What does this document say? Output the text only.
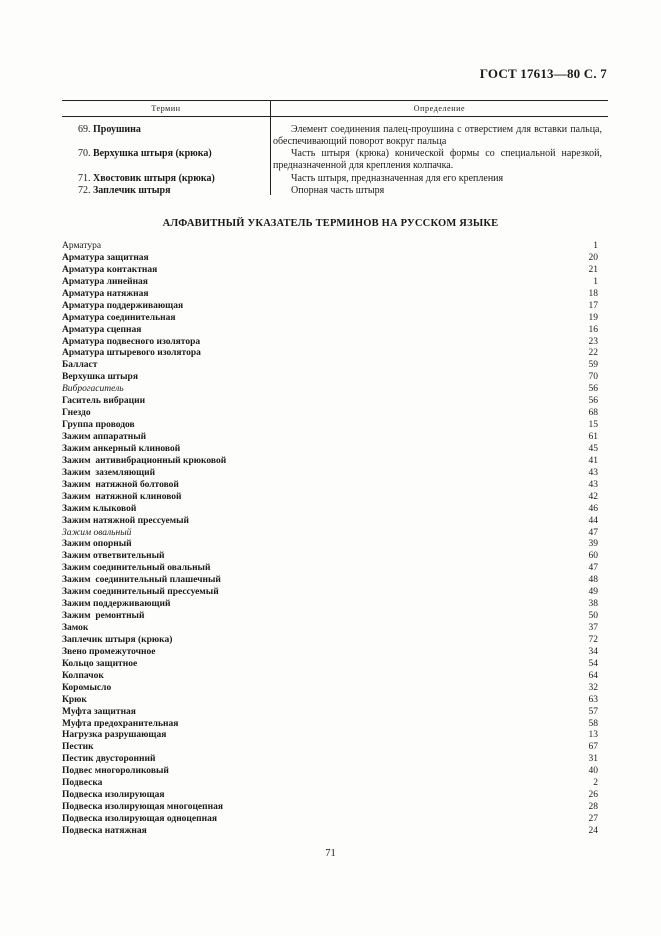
ГОСТ 17613—80 С. 7
Термин	Определение
69. Проушина	Элемент соединения палец-проушина с отверстием для вставки пальца, обеспечивающий поворот вокруг пальца
70. Верхушка штыря (крюка)	Часть штыря (крюка) конической формы со специальной нарезкой, предназначенной для крепления колпачка.
71. Хвостовик штыря (крюка)	Часть штыря, предназначенная для его крепления
72. Заплечик штыря	Опорная часть штыря
АЛФАВИТНЫЙ УКАЗАТЕЛЬ ТЕРМИНОВ НА РУССКОМ ЯЗЫКЕ
Арматура	1
Арматура защитная	20
Арматура контактная	21
Арматура линейная	1
Арматура натяжная	18
Арматура поддерживающая	17
Арматура соединительная	19
Арматура сцепная	16
Арматура подвесного изолятора	23
Арматура штыревого изолятора	22
Балласт	59
Верхушка штыря	70
Виброгаситель	56
Гаситель вибрации	56
Гнездо	68
Группа проводов	15
Зажим аппаратный	61
Зажим анкерный клиновой	45
Зажим  антивибрационный крюковой	41
Зажим  заземляющий	43
Зажим  натяжной болтовой	43
Зажим  натяжной клиновой	42
Зажим клыковой	46
Зажим натяжной прессуемый	44
Зажим овальный	47
Зажим опорный	39
Зажим ответвительный	60
Зажим соединительный овальный	47
Зажим  соединительный плашечный	48
Зажим соединительный прессуемый	49
Зажим поддерживающий	38
Зажим  ремонтный	50
Замок	37
Заплечик штыря (крюка)	72
Звено промежуточное	34
Кольцо защитное	54
Колпачок	64
Коромысло	32
Крюк	63
Муфта защитная	57
Муфта предохранительная	58
Нагрузка разрушающая	13
Пестик	67
Пестик двусторонний	31
Подвес многороликовый	40
Подвеска	2
Подвеска изолирующая	26
Подвеска изолирующая многоцепная	28
Подвеска изолирующая одноцепная	27
Подвеска натяжная	24
71
